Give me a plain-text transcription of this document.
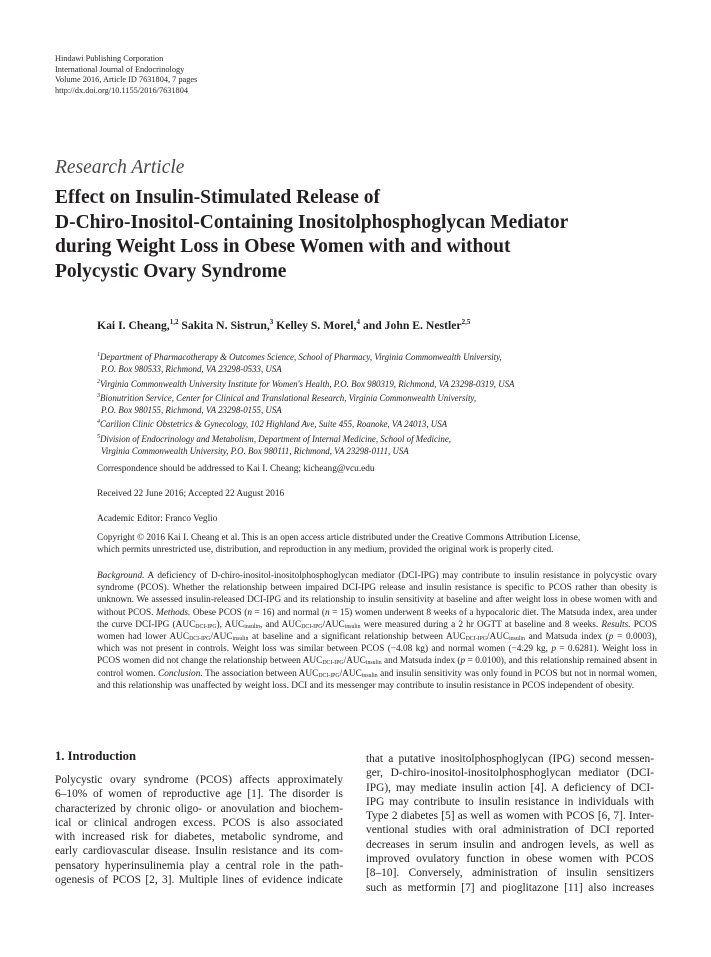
Hindawi Publishing Corporation
International Journal of Endocrinology
Volume 2016, Article ID 7631804, 7 pages
http://dx.doi.org/10.1155/2016/7631804
Research Article
Effect on Insulin-Stimulated Release of
D-Chiro-Inositol-Containing Inositolphosphoglycan Mediator
during Weight Loss in Obese Women with and without
Polycystic Ovary Syndrome
Kai I. Cheang,$^{1,2}$ Sakita N. Sistrun,$^3$ Kelley S. Morel,$^4$ and John E. Nestler$^{2,5}$
$^1$Department of Pharmacotherapy & Outcomes Science, School of Pharmacy, Virginia Commonwealth University,
P.O. Box 980533, Richmond, VA 23298-0533, USA
$^2$Virginia Commonwealth University Institute for Women's Health, P.O. Box 980319, Richmond, VA 23298-0319, USA
$^3$Bionutrition Service, Center for Clinical and Translational Research, Virginia Commonwealth University,
P.O. Box 980155, Richmond, VA 23298-0155, USA
$^4$Carilion Clinic Obstetrics & Gynecology, 102 Highland Ave, Suite 455, Roanoke, VA 24013, USA
$^5$Division of Endocrinology and Metabolism, Department of Internal Medicine, School of Medicine,
Virginia Commonwealth University, P.O. Box 980111, Richmond, VA 23298-0111, USA
Correspondence should be addressed to Kai I. Cheang; kicheang@vcu.edu
Received 22 June 2016; Accepted 22 August 2016
Academic Editor: Franco Veglio
Copyright © 2016 Kai I. Cheang et al. This is an open access article distributed under the Creative Commons Attribution License,
which permits unrestricted use, distribution, and reproduction in any medium, provided the original work is properly cited.
Background. A deficiency of D-chiro-inositol-inositolphosphoglycan mediator (DCI-IPG) may contribute to insulin resistance in polycystic ovary syndrome (PCOS). Whether the relationship between impaired DCI-IPG release and insulin resistance is specific to PCOS rather than obesity is unknown. We assessed insulin-released DCI-IPG and its relationship to insulin sensitivity at baseline and after weight loss in obese women with and without PCOS. Methods. Obese PCOS (n = 16) and normal (n = 15) women underwent 8 weeks of a hypocaloric diet. The Matsuda index, area under the curve DCI-IPG $(AUC_{DCI-IPG})$, $AUC_{insulin}$, and $AUC_{DCI-IPG}/AUC_{insulin}$ were measured during a 2 hr OGTT at baseline and 8 weeks. Results. PCOS women had lower $AUC_{DCI-IPG}/AUC_{insulin}$ at baseline and a significant relationship between $AUC_{DCI-IPG}/AUC_{insulin}$ and Matsuda index (p = 0.0003), which was not present in controls. Weight loss was similar between PCOS (−4.08 kg) and normal women (−4.29 kg, p = 0.6281). Weight loss in PCOS women did not change the relationship between $AUC_{DCI-IPG}/AUC_{insulin}$ and Matsuda index (p = 0.0100), and this relationship remained absent in control women. Conclusion. The association between $AUC_{DCI-IPG}/AUC_{insulin}$ and insulin sensitivity was only found in PCOS but not in normal women, and this relationship was unaffected by weight loss. DCI and its messenger may contribute to insulin resistance in PCOS independent of obesity.
1. Introduction
Polycystic ovary syndrome (PCOS) affects approximately
6–10% of women of reproductive age [1]. The disorder is
characterized by chronic oligo- or anovulation and biochem-
ical or clinical androgen excess. PCOS is also associated
with increased risk for diabetes, metabolic syndrome, and
early cardiovascular disease. Insulin resistance and its com-
pensatory hyperinsulinemia play a central role in the path-
ogenesis of PCOS [2, 3]. Multiple lines of evidence indicate
that a putative inositolphosphoglycan (IPG) second messen-
ger, D-chiro-inositol-inositolphosphoglycan mediator (DCI-
IPG), may mediate insulin action [4]. A deficiency of DCI-
IPG may contribute to insulin resistance in individuals with
Type 2 diabetes [5] as well as women with PCOS [6, 7]. Inter-
ventional studies with oral administration of DCI reported
decreases in serum insulin and androgen levels, as well as
improved ovulatory function in obese women with PCOS
[8–10]. Conversely, administration of insulin sensitizers
such as metformin [7] and pioglitazone [11] also increases
